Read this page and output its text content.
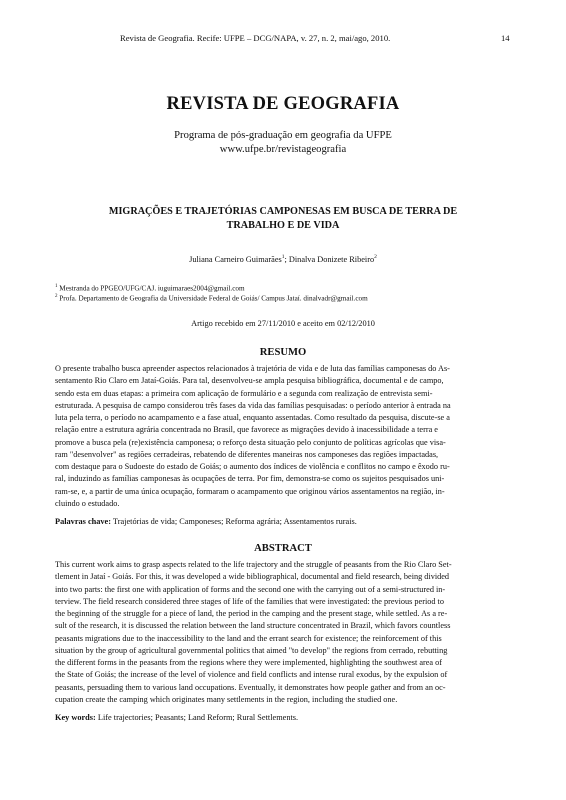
Revista de Geografia. Recife: UFPE – DCG/NAPA, v. 27, n. 2, mai/ago, 2010.	14
REVISTA DE GEOGRAFIA
Programa de pós-graduação em geografia da UFPE
www.ufpe.br/revistageografia
MIGRAÇÕES E TRAJETÓRIAS CAMPONESAS EM BUSCA DE TERRA DE
TRABALHO E DE VIDA
Juliana Carneiro Guimarães$^1$; Dinalva Donizete Ribeiro$^2$
$^1$ Mestranda do PPGEO/UFG/CAJ. iuguimaraes2004@gmail.com
$^2$ Profa. Departamento de Geografia da Universidade Federal de Goiás/ Campus Jataí. dinalvadr@gmail.com
Artigo recebido em 27/11/2010 e aceito em 02/12/2010
RESUMO
O presente trabalho busca apreender aspectos relacionados à trajetória de vida e de luta das famílias camponesas do As-
sentamento Rio Claro em Jataí-Goiás. Para tal, desenvolveu-se ampla pesquisa bibliográfica, documental e de campo,
sendo esta em duas etapas: a primeira com aplicação de formulário e a segunda com realização de entrevista semi-
estruturada. A pesquisa de campo considerou três fases da vida das famílias pesquisadas: o período anterior à entrada na
luta pela terra, o período no acampamento e a fase atual, enquanto assentadas. Como resultado da pesquisa, discute-se a
relação entre a estrutura agrária concentrada no Brasil, que favorece as migrações devido à inacessibilidade a terra e
promove a busca pela (re)existência camponesa; o reforço desta situação pelo conjunto de políticas agrícolas que visa-
ram "desenvolver" as regiões cerradeiras, rebatendo de diferentes maneiras nos camponeses das regiões impactadas,
com destaque para o Sudoeste do estado de Goiás; o aumento dos índices de violência e conflitos no campo e êxodo ru-
ral, induzindo as famílias camponesas às ocupações de terra. Por fim, demonstra-se como os sujeitos pesquisados uni-
ram-se, e, a partir de uma única ocupação, formaram o acampamento que originou vários assentamentos na região, in-
cluindo o estudado.
Palavras chave: Trajetórias de vida; Camponeses; Reforma agrária; Assentamentos rurais.
ABSTRACT
This current work aims to grasp aspects related to the life trajectory and the struggle of peasants from the Rio Claro Set-
tlement in Jataí - Goiás. For this, it was developed a wide bibliographical, documental and field research, being divided
into two parts: the first one with application of forms and the second one with the carrying out of a semi-structured in-
terview. The field research considered three stages of life of the families that were investigated: the previous period to
the beginning of the struggle for a piece of land, the period in the camping and the present stage, while settled. As a re-
sult of the research, it is discussed the relation between the land structure concentrated in Brazil, which favors countless
peasants migrations due to the inaccessibility to the land and the errant search for existence; the reinforcement of this
situation by the group of agricultural governmental politics that aimed "to develop" the regions from cerrado, rebutting
the different forms in the peasants from the regions where they were implemented, highlighting the southwest area of
the State of Goiás; the increase of the level of violence and field conflicts and intense rural exodus, by the expulsion of
peasants, persuading them to various land occupations. Eventually, it demonstrates how people gather and from an oc-
cupation create the camping which originates many settlements in the region, including the studied one.
Key words: Life trajectories; Peasants; Land Reform; Rural Settlements.
